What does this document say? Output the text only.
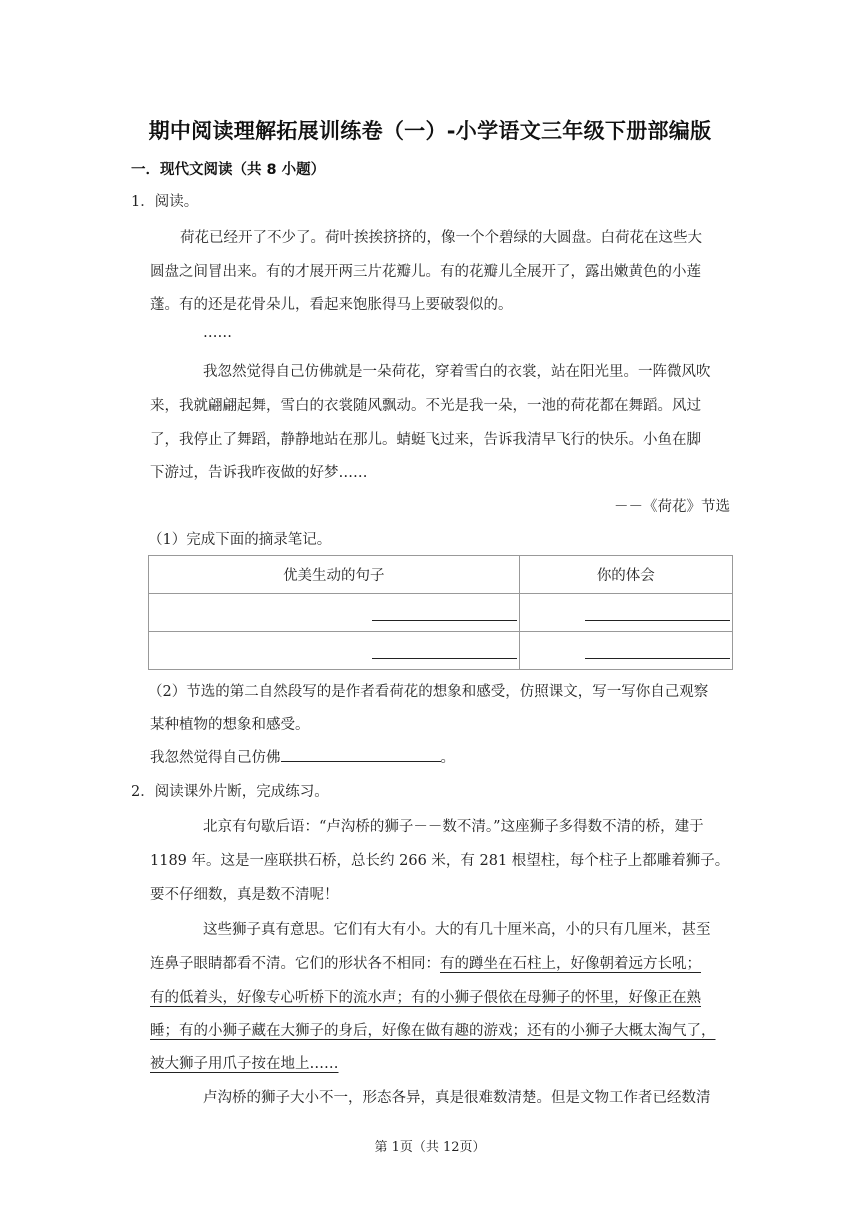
期中阅读理解拓展训练卷（一）-小学语文三年级下册部编版
一．现代文阅读（共 8 小题）
1．阅读。
荷花已经开了不少了。荷叶挨挨挤挤的，像一个个碧绿的大圆盘。白荷花在这些大
圆盘之间冒出来。有的才展开两三片花瓣儿。有的花瓣儿全展开了，露出嫩黄色的小莲
蓬。有的还是花骨朵儿，看起来饱胀得马上要破裂似的。
……
我忽然觉得自己仿佛就是一朵荷花，穿着雪白的衣裳，站在阳光里。一阵微风吹
来，我就翩翩起舞，雪白的衣裳随风飘动。不光是我一朵，一池的荷花都在舞蹈。风过
了，我停止了舞蹈，静静地站在那儿。蜻蜓飞过来，告诉我清早飞行的快乐。小鱼在脚
下游过，告诉我昨夜做的好梦……
－－《荷花》节选
（1）完成下面的摘录笔记。
优美生动的句子	你的体会

（2）节选的第二自然段写的是作者看荷花的想象和感受，仿照课文，写一写你自己观察
某种植物的想象和感受。
我忽然觉得自己仿佛	。
2．阅读课外片断，完成练习。
北京有句歇后语：“卢沟桥的狮子－－数不清。”这座狮子多得数不清的桥，建于
1189 年。这是一座联拱石桥，总长约 266 米，有 281 根望柱，每个柱子上都雕着狮子。
要不仔细数，真是数不清呢！
这些狮子真有意思。它们有大有小。大的有几十厘米高，小的只有几厘米，甚至
连鼻子眼睛都看不清。它们的形状各不相同：有的蹲坐在石柱上，好像朝着远方长吼；
有的低着头，好像专心听桥下的流水声；有的小狮子偎依在母狮子的怀里，好像正在熟
睡；有的小狮子藏在大狮子的身后，好像在做有趣的游戏；还有的小狮子大概太淘气了，
被大狮子用爪子按在地上……
卢沟桥的狮子大小不一，形态各异，真是很难数清楚。但是文物工作者已经数清
第 1页（共 12页）
